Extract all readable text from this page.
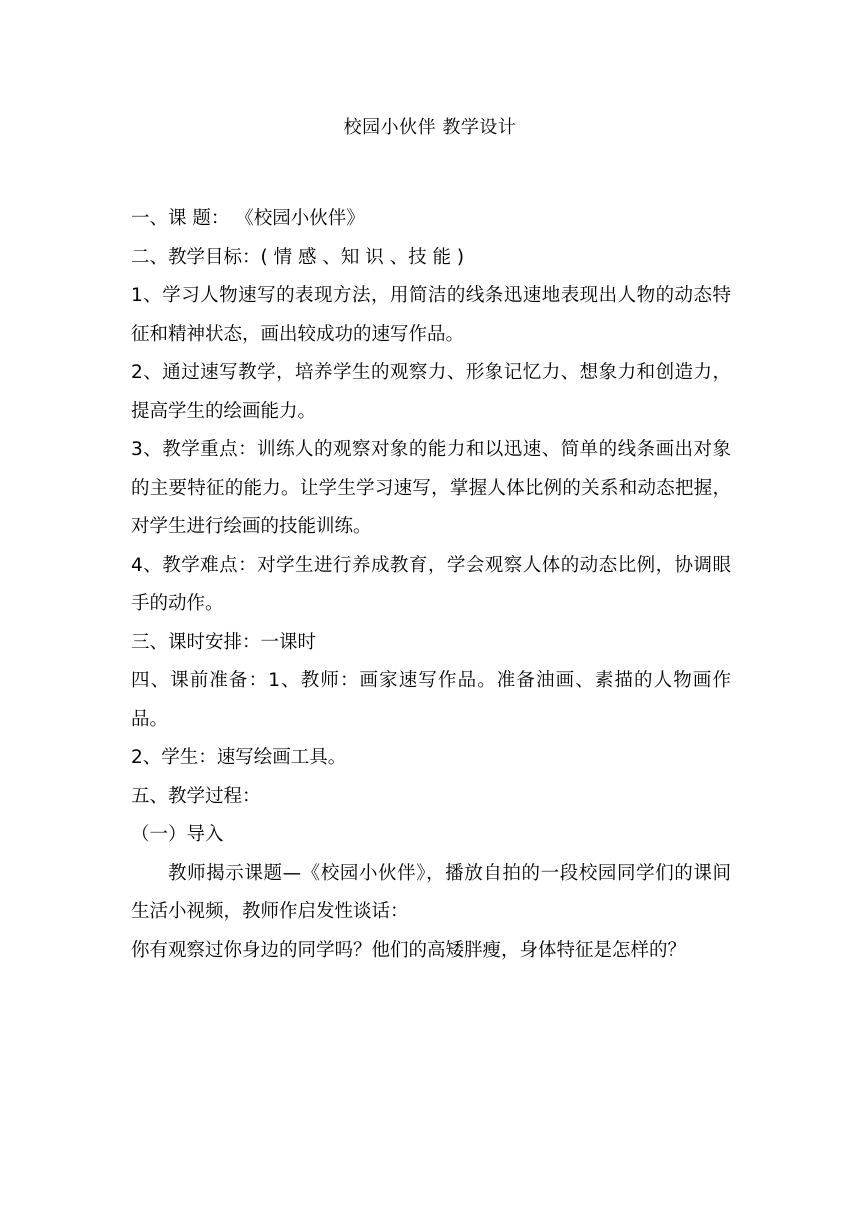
校园小伙伴 教学设计

一、课 题： 《校园小伙伴》

二、教学目标：( 情 感 、知 识 、技 能 )

1、学习人物速写的表现方法，用简洁的线条迅速地表现出人物的动态特征和精神状态，画出较成功的速写作品。

2、通过速写教学，培养学生的观察力、形象记忆力、想象力和创造力，提高学生的绘画能力。

3、教学重点：训练人的观察对象的能力和以迅速、简单的线条画出对象的主要特征的能力。让学生学习速写，掌握人体比例的关系和动态把握，对学生进行绘画的技能训练。

4、教学难点：对学生进行养成教育，学会观察人体的动态比例，协调眼手的动作。

三、课时安排：一课时

四、课前准备：1、教师：画家速写作品。准备油画、素描的人物画作品。

2、学生：速写绘画工具。

五、教学过程：

（一）导入

教师揭示课题—《校园小伙伴》，播放自拍的一段校园同学们的课间生活小视频，教师作启发性谈话：

你有观察过你身边的同学吗？他们的高矮胖瘦，身体特征是怎样的？
